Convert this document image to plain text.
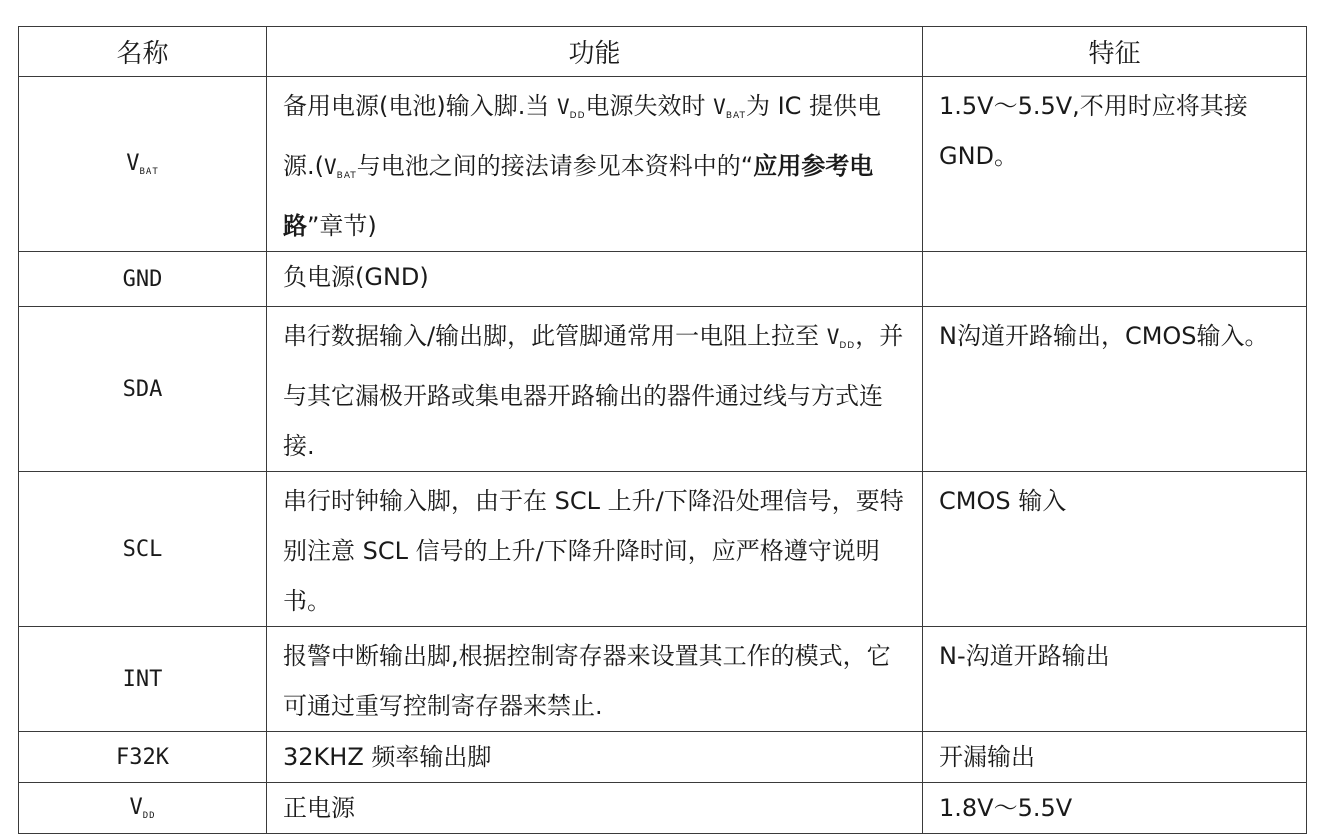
名称	功能	特征
$V_{BAT}$	备用电源(电池)输入脚.当 $V_{DD}$电源失效时 $V_{BAT}$为 IC 提供电源$.(V_{BAT}$与电池之间的接法请参见本资料中的“应用参考电路”章节)	1.5V～5.5V,不用时应将其接 GND。
GND	负电源(GND)	
SDA	串行数据输入/输出脚，此管脚通常用一电阻上拉至 $V_{DD}$，并与其它漏极开路或集电器开路输出的器件通过线与方式连接.	N沟道开路输出，CMOS输入。
SCL	串行时钟输入脚，由于在 SCL 上升/下降沿处理信号，要特别注意 SCL 信号的上升/下降升降时间，应严格遵守说明书。	CMOS 输入
INT	报警中断输出脚,根据控制寄存器来设置其工作的模式，它可通过重写控制寄存器来禁止.	N-沟道开路输出
F32K	32KHZ 频率输出脚	开漏输出
$V_{DD}$	正电源	1.8V～5.5V
